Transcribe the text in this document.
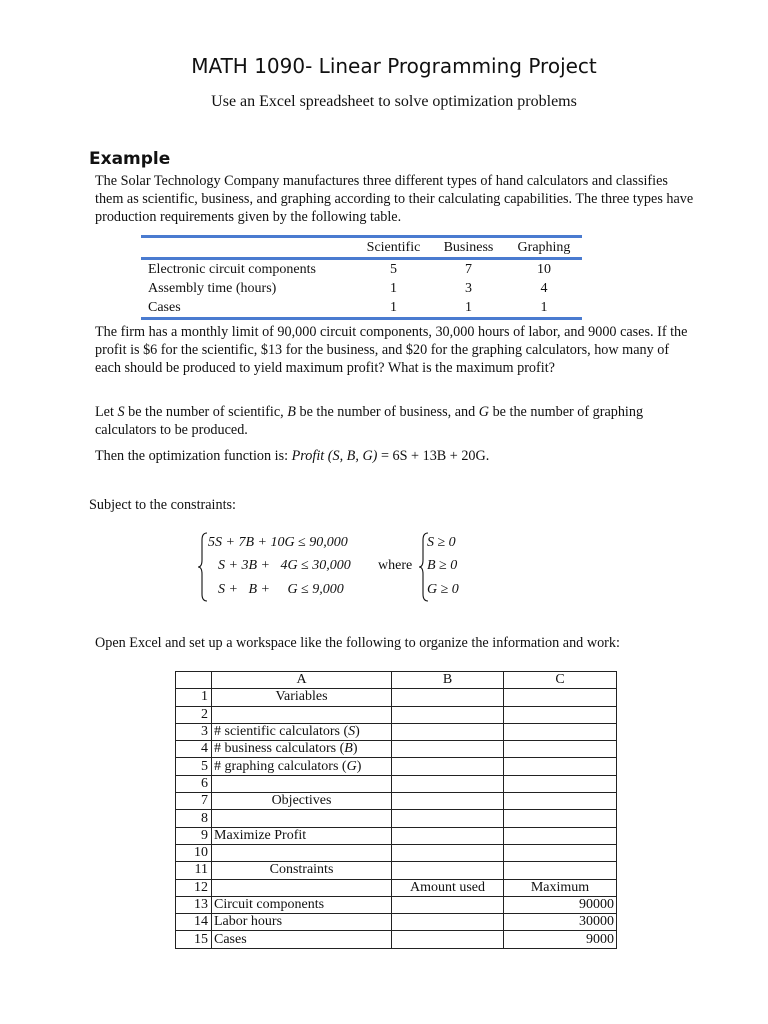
MATH 1090- Linear Programming Project
Use an Excel spreadsheet to solve optimization problems
Example
The Solar Technology Company manufactures three different types of hand calculators and classifies them as scientific, business, and graphing according to their calculating capabilities. The three types have production requirements given by the following table.
	Scientific	Business	Graphing
Electronic circuit components	5	7	10
Assembly time (hours)	1	3	4
Cases	1	1	1
The firm has a monthly limit of 90,000 circuit components, 30,000 hours of labor, and 9000 cases. If the profit is $6 for the scientific, $13 for the business, and $20 for the graphing calculators, how many of each should be produced to yield maximum profit? What is the maximum profit?
Let S be the number of scientific, B be the number of business, and G be the number of graphing calculators to be produced.
Then the optimization function is: Profit (S, B, G) = 6S + 13B + 20G.
Subject to the constraints:
5S + 7B + 10G ≤ 90,000
S + 3B +   4G ≤ 30,000
S +   B +     G ≤ 9,000
where
S ≥ 0
B ≥ 0
G ≥ 0
Open Excel and set up a workspace like the following to organize the information and work:
	A	B	C
1	Variables		
2			
3	# scientific calculators (S)		
4	# business calculators (B)		
5	# graphing calculators (G)		
6			
7	Objectives		
8			
9	Maximize Profit		
10			
11	Constraints		
12		Amount used	Maximum
13	Circuit components		90000
14	Labor hours		30000
15	Cases		9000
